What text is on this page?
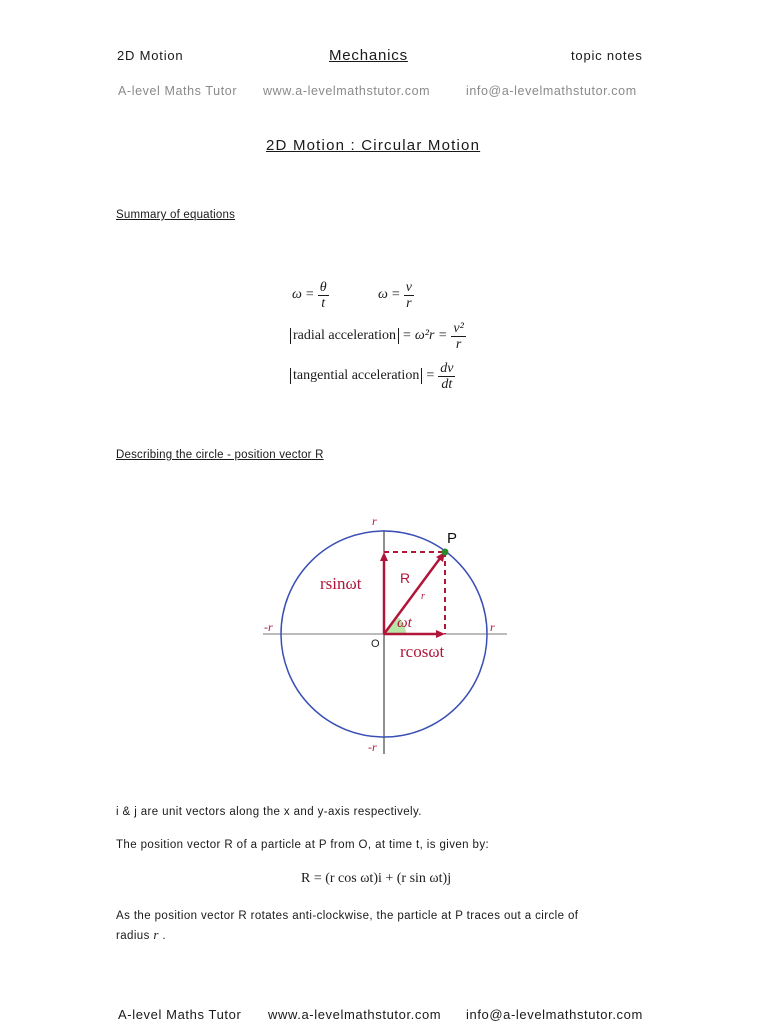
2D Motion	Mechanics	topic notes
A-level Maths Tutor www.a-levelmathstutor.com	info@a-levelmathstutor.com
2D Motion : Circular Motion
Summary of equations
$\omega = \frac{\theta}{t}$	$\omega = \frac{v}{r}$
radial acceleration = $\omega^2r = \frac{\text{v²}}{r}$
tangential acceleration = $\frac{dv}{dt}$
Describing the circle - position vector R
r
r
-r
-r
O
P
R
r
rsinωt
rcosωt
ωt
i & j are unit vectors along the x and y-axis respectively.
The position vector R of a particle at P from O, at time t, is given by:
R = (r cos ωt)i + (r sin ωt)j
As the position vector R rotates anti-clockwise, the particle at P traces out a circle of
radius r .
A-level Maths Tutor www.a-levelmathstutor.com info@a-levelmathstutor.com
